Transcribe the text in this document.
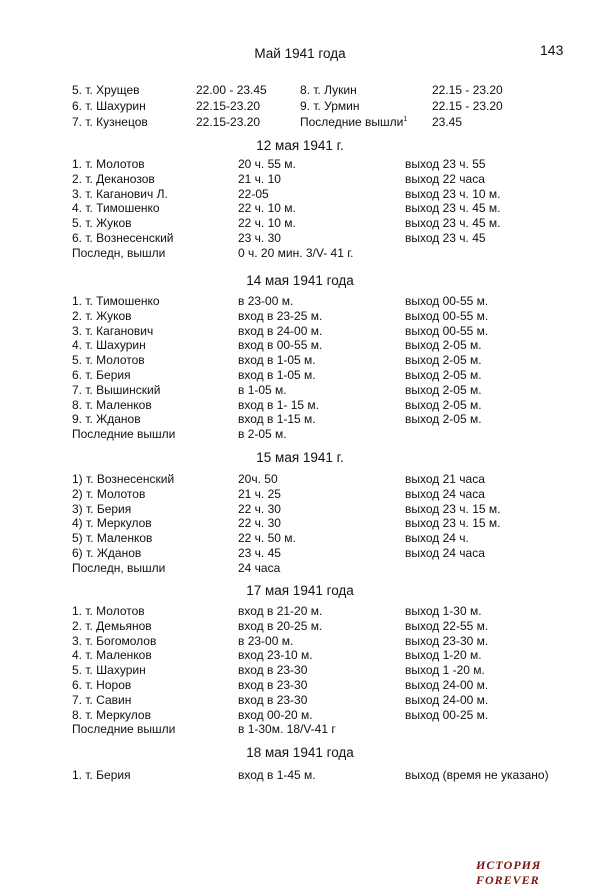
Май 1941 года	143
5. т. Хрущев	22.00 - 23.45	8. т. Лукин	22.15 - 23.20
6. т. Шахурин	22.15-23.20	9. т. Урмин	22.15 - 23.20
7. т. Кузнецов	22.15-23.20	Последние вышли$^1$ 23.45
12 мая 1941 г.
1. т. Молотов	20 ч. 55 м.	выход 23 ч. 55
2. т. Деканозов	21 ч. 10	выход 22 часа
3. т. Каганович Л.	22-05	выход 23 ч. 10 м.
4. т. Тимошенко	22 ч. 10 м.	выход 23 ч. 45 м.
5. т. Жуков	22 ч. 10 м.	выход 23 ч. 45 м.
6. т. Вознесенский	23 ч. 30	выход 23 ч. 45
Последн, вышли	0 ч. 20 мин. 3/V- 41 г.
14 мая 1941 года
1. т. Тимошенко	в 23-00 м.	выход 00-55 м.
2. т. Жуков	вход в 23-25 м.	выход 00-55 м.
3. т. Каганович	вход в 24-00 м.	выход 00-55 м.
4. т. Шахурин	вход в 00-55 м.	выход 2-05 м.
5. т. Молотов	вход в 1-05 м.	выход 2-05 м.
6. т. Берия	вход в 1-05 м.	выход 2-05 м.
7. т. Вышинский	в 1-05 м.	выход 2-05 м.
8. т. Маленков	вход в 1- 15 м.	выход 2-05 м.
9. т. Жданов	вход в 1-15 м.	выход 2-05 м.
Последние вышли	в 2-05 м.
15 мая 1941 г.
1) т. Вознесенский	20ч. 50	выход 21 часа
2) т. Молотов	21 ч. 25	выход 24 часа
3) т. Берия	22 ч. 30	выход 23 ч. 15 м.
4) т. Меркулов	22 ч. 30	выход 23 ч. 15 м.
5) т. Маленков	22 ч. 50 м.	выход 24 ч.
6) т. Жданов	23 ч. 45	выход 24 часа
Последн, вышли	24 часа
17 мая 1941 года
1. т. Молотов	вход в 21-20 м.	выход 1-30 м.
2. т. Демьянов	вход в 20-25 м.	выход 22-55 м.
3. т. Богомолов	в 23-00 м.	выход 23-30 м.
4. т. Маленков	вход 23-10 м.	выход 1-20 м.
5. т. Шахурин	вход в 23-30	выход 1 -20 м.
6. т. Норов	вход в 23-30	выход 24-00 м.
7. т. Савин	вход в 23-30	выход 24-00 м.
8. т. Меркулов	вход 00-20 м.	выход 00-25 м.
Последние вышли	в 1-30м. 18/V-41 г
18 мая 1941 года
1. т. Берия	вход в 1-45 м.	выход (время не указано)
ИСТОРИЯ FOREVER
